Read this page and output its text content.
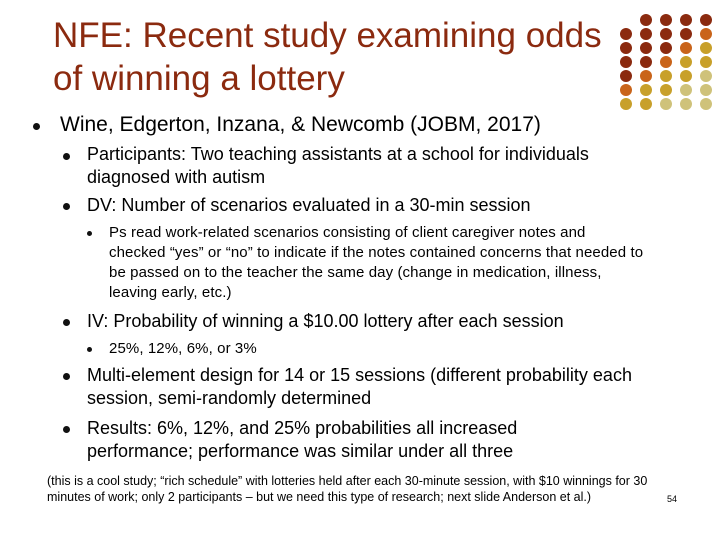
NFE: Recent study examining odds of winning a lottery

Wine, Edgerton, Inzana, & Newcomb (JOBM, 2017)

Participants: Two teaching assistants at a school for individuals diagnosed with autism

DV: Number of scenarios evaluated in a 30-min session

Ps read work-related scenarios consisting of client caregiver notes and checked “yes” or “no” to indicate if the notes contained concerns that needed to be passed on to the teacher the same day (change in medication, illness, leaving early, etc.)

IV: Probability of winning a $10.00 lottery after each session

25%, 12%, 6%, or 3%

Multi-element design for 14 or 15 sessions (different probability each session, semi-randomly determined

Results: 6%, 12%, and 25% probabilities all increased performance; performance was similar under all three

(this is a cool study; “rich schedule” with lotteries held after each 30-minute session, with $10 winnings for 30 minutes of work; only 2 participants – but we need this type of research; next slide Anderson et al.)	54
